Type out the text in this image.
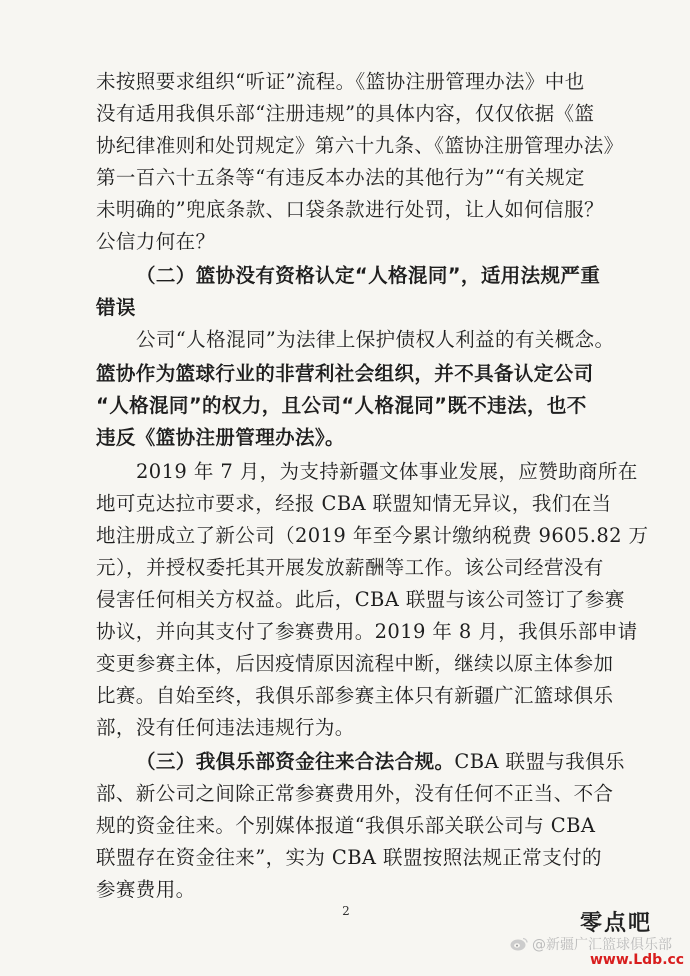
未按照要求组织“听证”流程。《篮协注册管理办法》中也
没有适用我俱乐部“注册违规”的具体内容，仅仅依据《篮
协纪律准则和处罚规定》第六十九条、《篮协注册管理办法》
第一百六十五条等“有违反本办法的其他行为”“有关规定
未明确的”兜底条款、口袋条款进行处罚，让人如何信服？
公信力何在？
（二）篮协没有资格认定“人格混同”，适用法规严重
错误
公司“人格混同”为法律上保护债权人利益的有关概念。
篮协作为篮球行业的非营利社会组织，并不具备认定公司
“人格混同”的权力，且公司“人格混同”既不违法，也不
违反《篮协注册管理办法》。
2019 年 7 月，为支持新疆文体事业发展，应赞助商所在
地可克达拉市要求，经报 CBA 联盟知情无异议，我们在当
地注册成立了新公司（2019 年至今累计缴纳税费 9605.82 万
元），并授权委托其开展发放薪酬等工作。该公司经营没有
侵害任何相关方权益。此后，CBA 联盟与该公司签订了参赛
协议，并向其支付了参赛费用。2019 年 8 月，我俱乐部申请
变更参赛主体，后因疫情原因流程中断，继续以原主体参加
比赛。自始至终，我俱乐部参赛主体只有新疆广汇篮球俱乐
部，没有任何违法违规行为。
（三）我俱乐部资金往来合法合规。CBA 联盟与我俱乐
部、新公司之间除正常参赛费用外，没有任何不正当、不合
规的资金往来。个别媒体报道“我俱乐部关联公司与 CBA
联盟存在资金往来”，实为 CBA 联盟按照法规正常支付的
参赛费用。
2	零点吧
@新疆广汇篮球俱乐部
www.Ldb.cc
